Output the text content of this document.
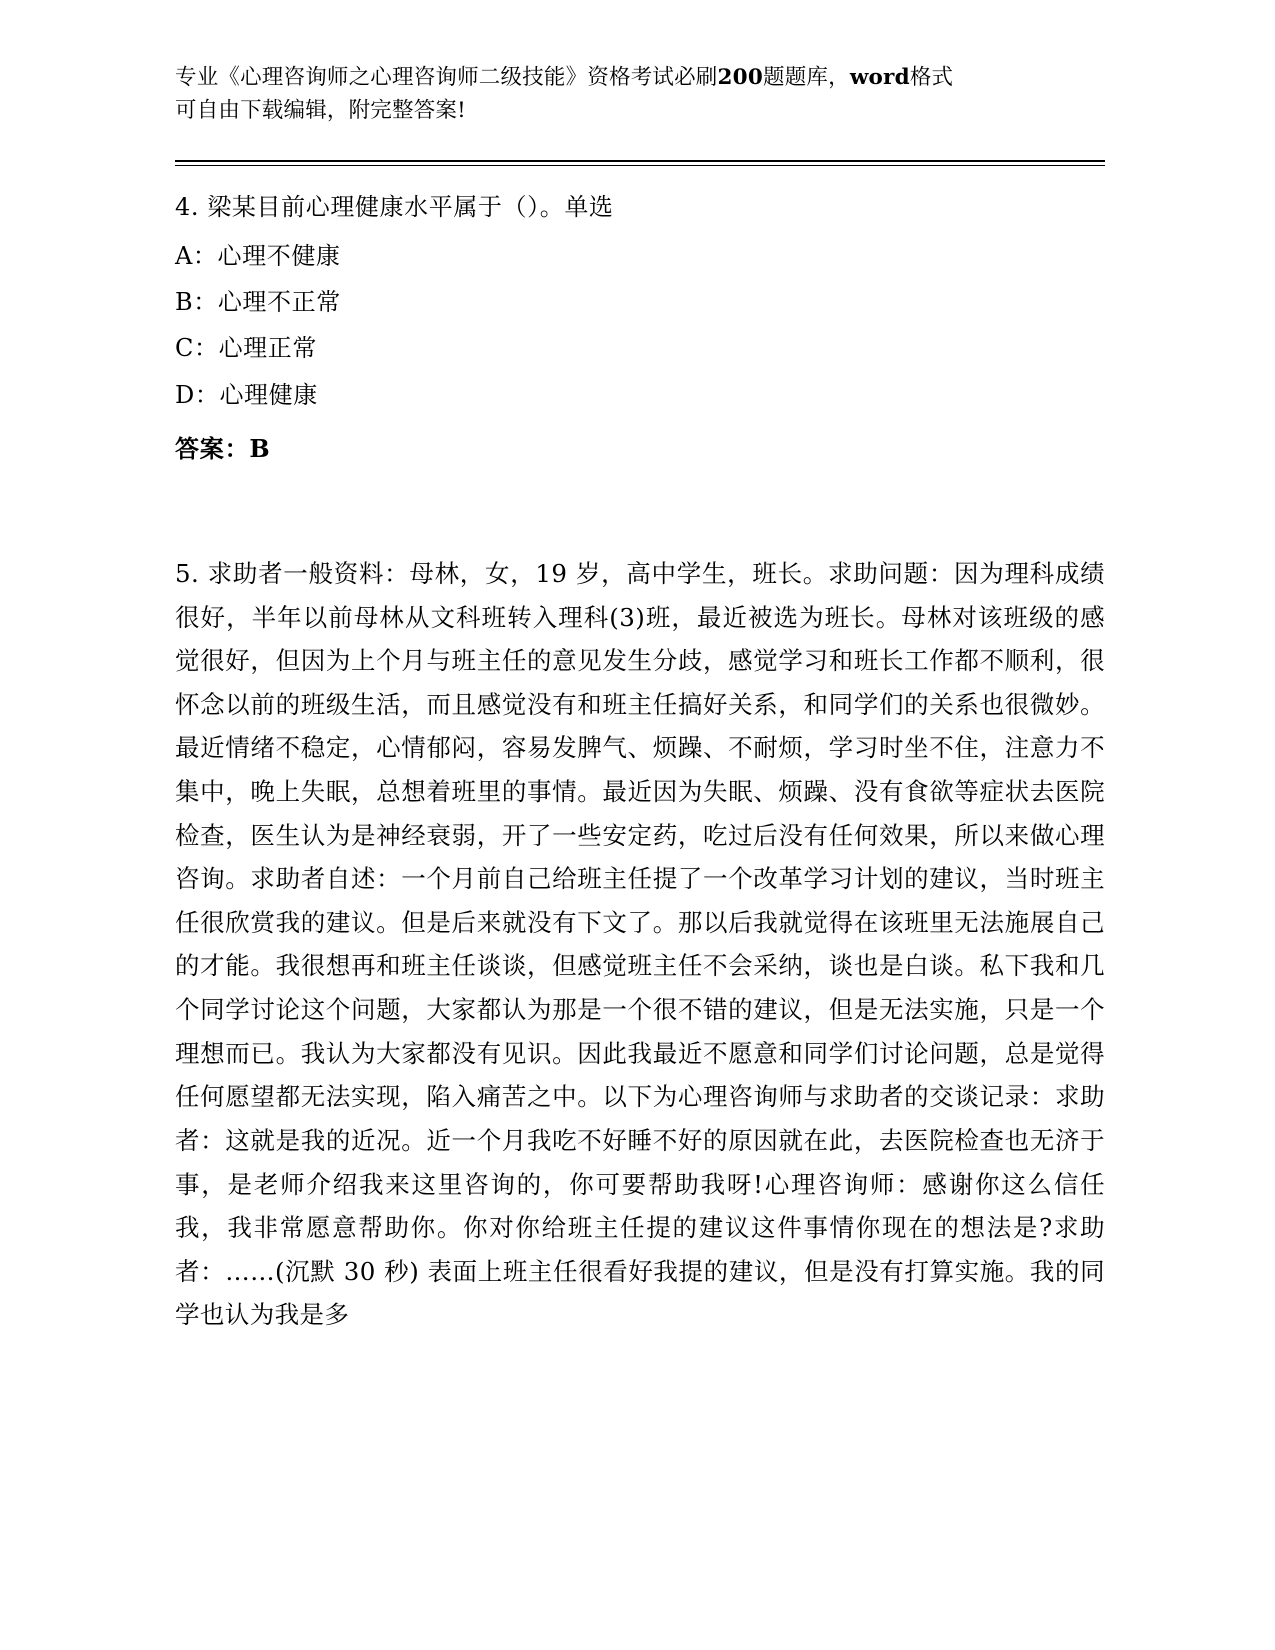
专业《心理咨询师之心理咨询师二级技能》资格考试必刷200题题库，word格式
可自由下载编辑，附完整答案!
4. 梁某目前心理健康水平属于（）。单选
A：心理不健康
B：心理不正常
C：心理正常
D：心理健康
答案：B
5. 求助者一般资料：母林，女，19 岁，高中学生，班长。求助问题：因为理科成绩很好，半年以前母林从文科班转入理科(3)班，最近被选为班长。母林对该班级的感觉很好，但因为上个月与班主任的意见发生分歧，感觉学习和班长工作都不顺利，很怀念以前的班级生活，而且感觉没有和班主任搞好关系，和同学们的关系也很微妙。最近情绪不稳定，心情郁闷，容易发脾气、烦躁、不耐烦，学习时坐不住，注意力不集中，晚上失眠，总想着班里的事情。最近因为失眠、烦躁、没有食欲等症状去医院检查，医生认为是神经衰弱，开了一些安定药，吃过后没有任何效果，所以来做心理咨询。求助者自述：一个月前自己给班主任提了一个改革学习计划的建议，当时班主任很欣赏我的建议。但是后来就没有下文了。那以后我就觉得在该班里无法施展自己的才能。我很想再和班主任谈谈，但感觉班主任不会采纳，谈也是白谈。私下我和几个同学讨论这个问题，大家都认为那是一个很不错的建议，但是无法实施，只是一个理想而已。我认为大家都没有见识。因此我最近不愿意和同学们讨论问题，总是觉得任何愿望都无法实现，陷入痛苦之中。以下为心理咨询师与求助者的交谈记录：求助者：这就是我的近况。近一个月我吃不好睡不好的原因就在此，去医院检查也无济于事，是老师介绍我来这里咨询的，你可要帮助我呀!心理咨询师：感谢你这么信任我，我非常愿意帮助你。你对你给班主任提的建议这件事情你现在的想法是?求助者：……(沉默 30 秒) 表面上班主任很看好我提的建议，但是没有打算实施。我的同学也认为我是多
